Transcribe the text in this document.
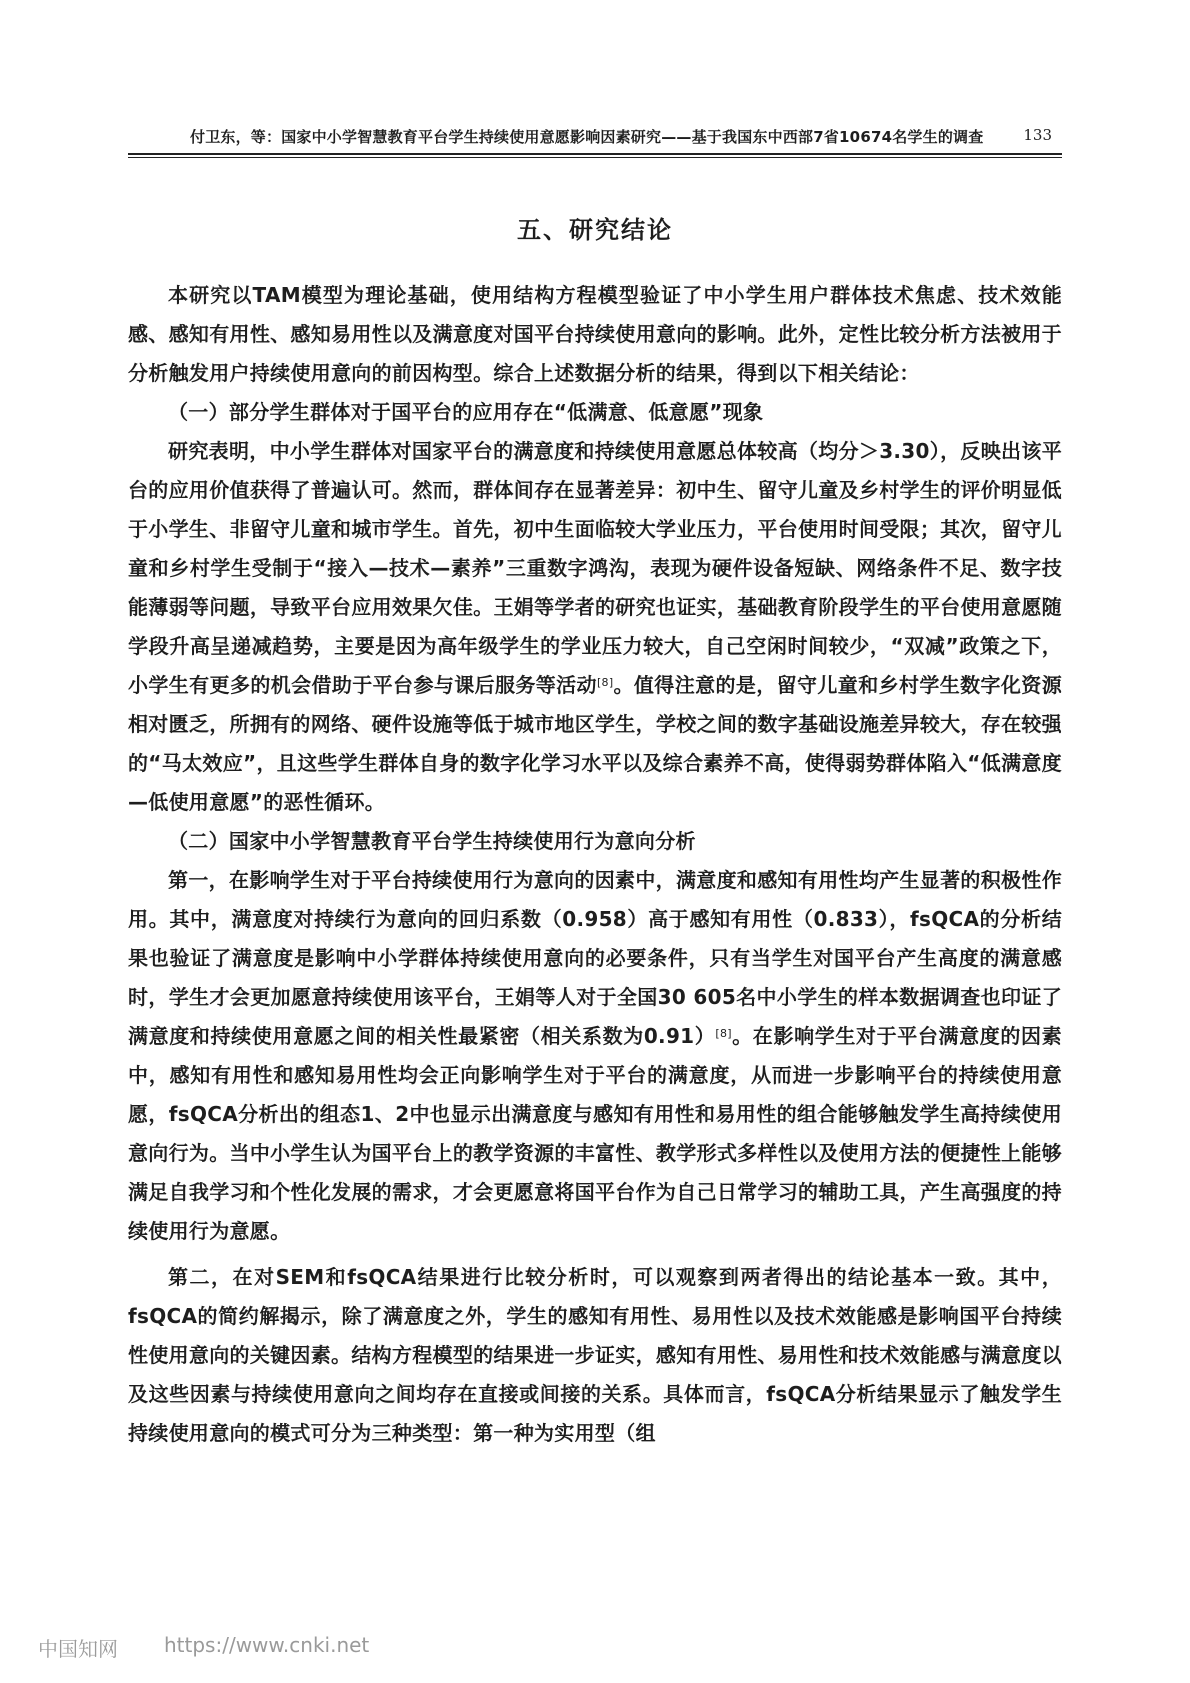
付卫东，等：国家中小学智慧教育平台学生持续使用意愿影响因素研究——基于我国东中西部7省10674名学生的调查	133
五、研究结论

本研究以TAM模型为理论基础，使用结构方程模型验证了中小学生用户群体技术焦虑、技术效能感、感知有用性、感知易用性以及满意度对国平台持续使用意向的影响。此外，定性比较分析方法被用于分析触发用户持续使用意向的前因构型。综合上述数据分析的结果，得到以下相关结论：

（一）部分学生群体对于国平台的应用存在“低满意、低意愿”现象

研究表明，中小学生群体对国家平台的满意度和持续使用意愿总体较高（均分＞3.30），反映出该平台的应用价值获得了普遍认可。然而，群体间存在显著差异：初中生、留守儿童及乡村学生的评价明显低于小学生、非留守儿童和城市学生。首先，初中生面临较大学业压力，平台使用时间受限；其次，留守儿童和乡村学生受制于“接入—技术—素养”三重数字鸿沟，表现为硬件设备短缺、网络条件不足、数字技能薄弱等问题，导致平台应用效果欠佳。王娟等学者的研究也证实，基础教育阶段学生的平台使用意愿随学段升高呈递减趋势，主要是因为高年级学生的学业压力较大，自己空闲时间较少，“双减”政策之下，小学生有更多的机会借助于平台参与课后服务等活动[8]。值得注意的是，留守儿童和乡村学生数字化资源相对匮乏，所拥有的网络、硬件设施等低于城市地区学生，学校之间的数字基础设施差异较大，存在较强的“马太效应”，且这些学生群体自身的数字化学习水平以及综合素养不高，使得弱势群体陷入“低满意度—低使用意愿”的恶性循环。

（二）国家中小学智慧教育平台学生持续使用行为意向分析

第一，在影响学生对于平台持续使用行为意向的因素中，满意度和感知有用性均产生显著的积极性作用。其中，满意度对持续行为意向的回归系数（0.958）高于感知有用性（0.833），fsQCA的分析结果也验证了满意度是影响中小学群体持续使用意向的必要条件，只有当学生对国平台产生高度的满意感时，学生才会更加愿意持续使用该平台，王娟等人对于全国30 605名中小学生的样本数据调查也印证了满意度和持续使用意愿之间的相关性最紧密（相关系数为0.91）[8]。在影响学生对于平台满意度的因素中，感知有用性和感知易用性均会正向影响学生对于平台的满意度，从而进一步影响平台的持续使用意愿，fsQCA分析出的组态1、2中也显示出满意度与感知有用性和易用性的组合能够触发学生高持续使用意向行为。当中小学生认为国平台上的教学资源的丰富性、教学形式多样性以及使用方法的便捷性上能够满足自我学习和个性化发展的需求，才会更愿意将国平台作为自己日常学习的辅助工具，产生高强度的持续使用行为意愿。

第二，在对SEM和fsQCA结果进行比较分析时，可以观察到两者得出的结论基本一致。其中，fsQCA的简约解揭示，除了满意度之外，学生的感知有用性、易用性以及技术效能感是影响国平台持续性使用意向的关键因素。结构方程模型的结果进一步证实，感知有用性、易用性和技术效能感与满意度以及这些因素与持续使用意向之间均存在直接或间接的关系。具体而言，fsQCA分析结果显示了触发学生持续使用意向的模式可分为三种类型：第一种为实用型（组

中国知网 https://www.cnki.net
